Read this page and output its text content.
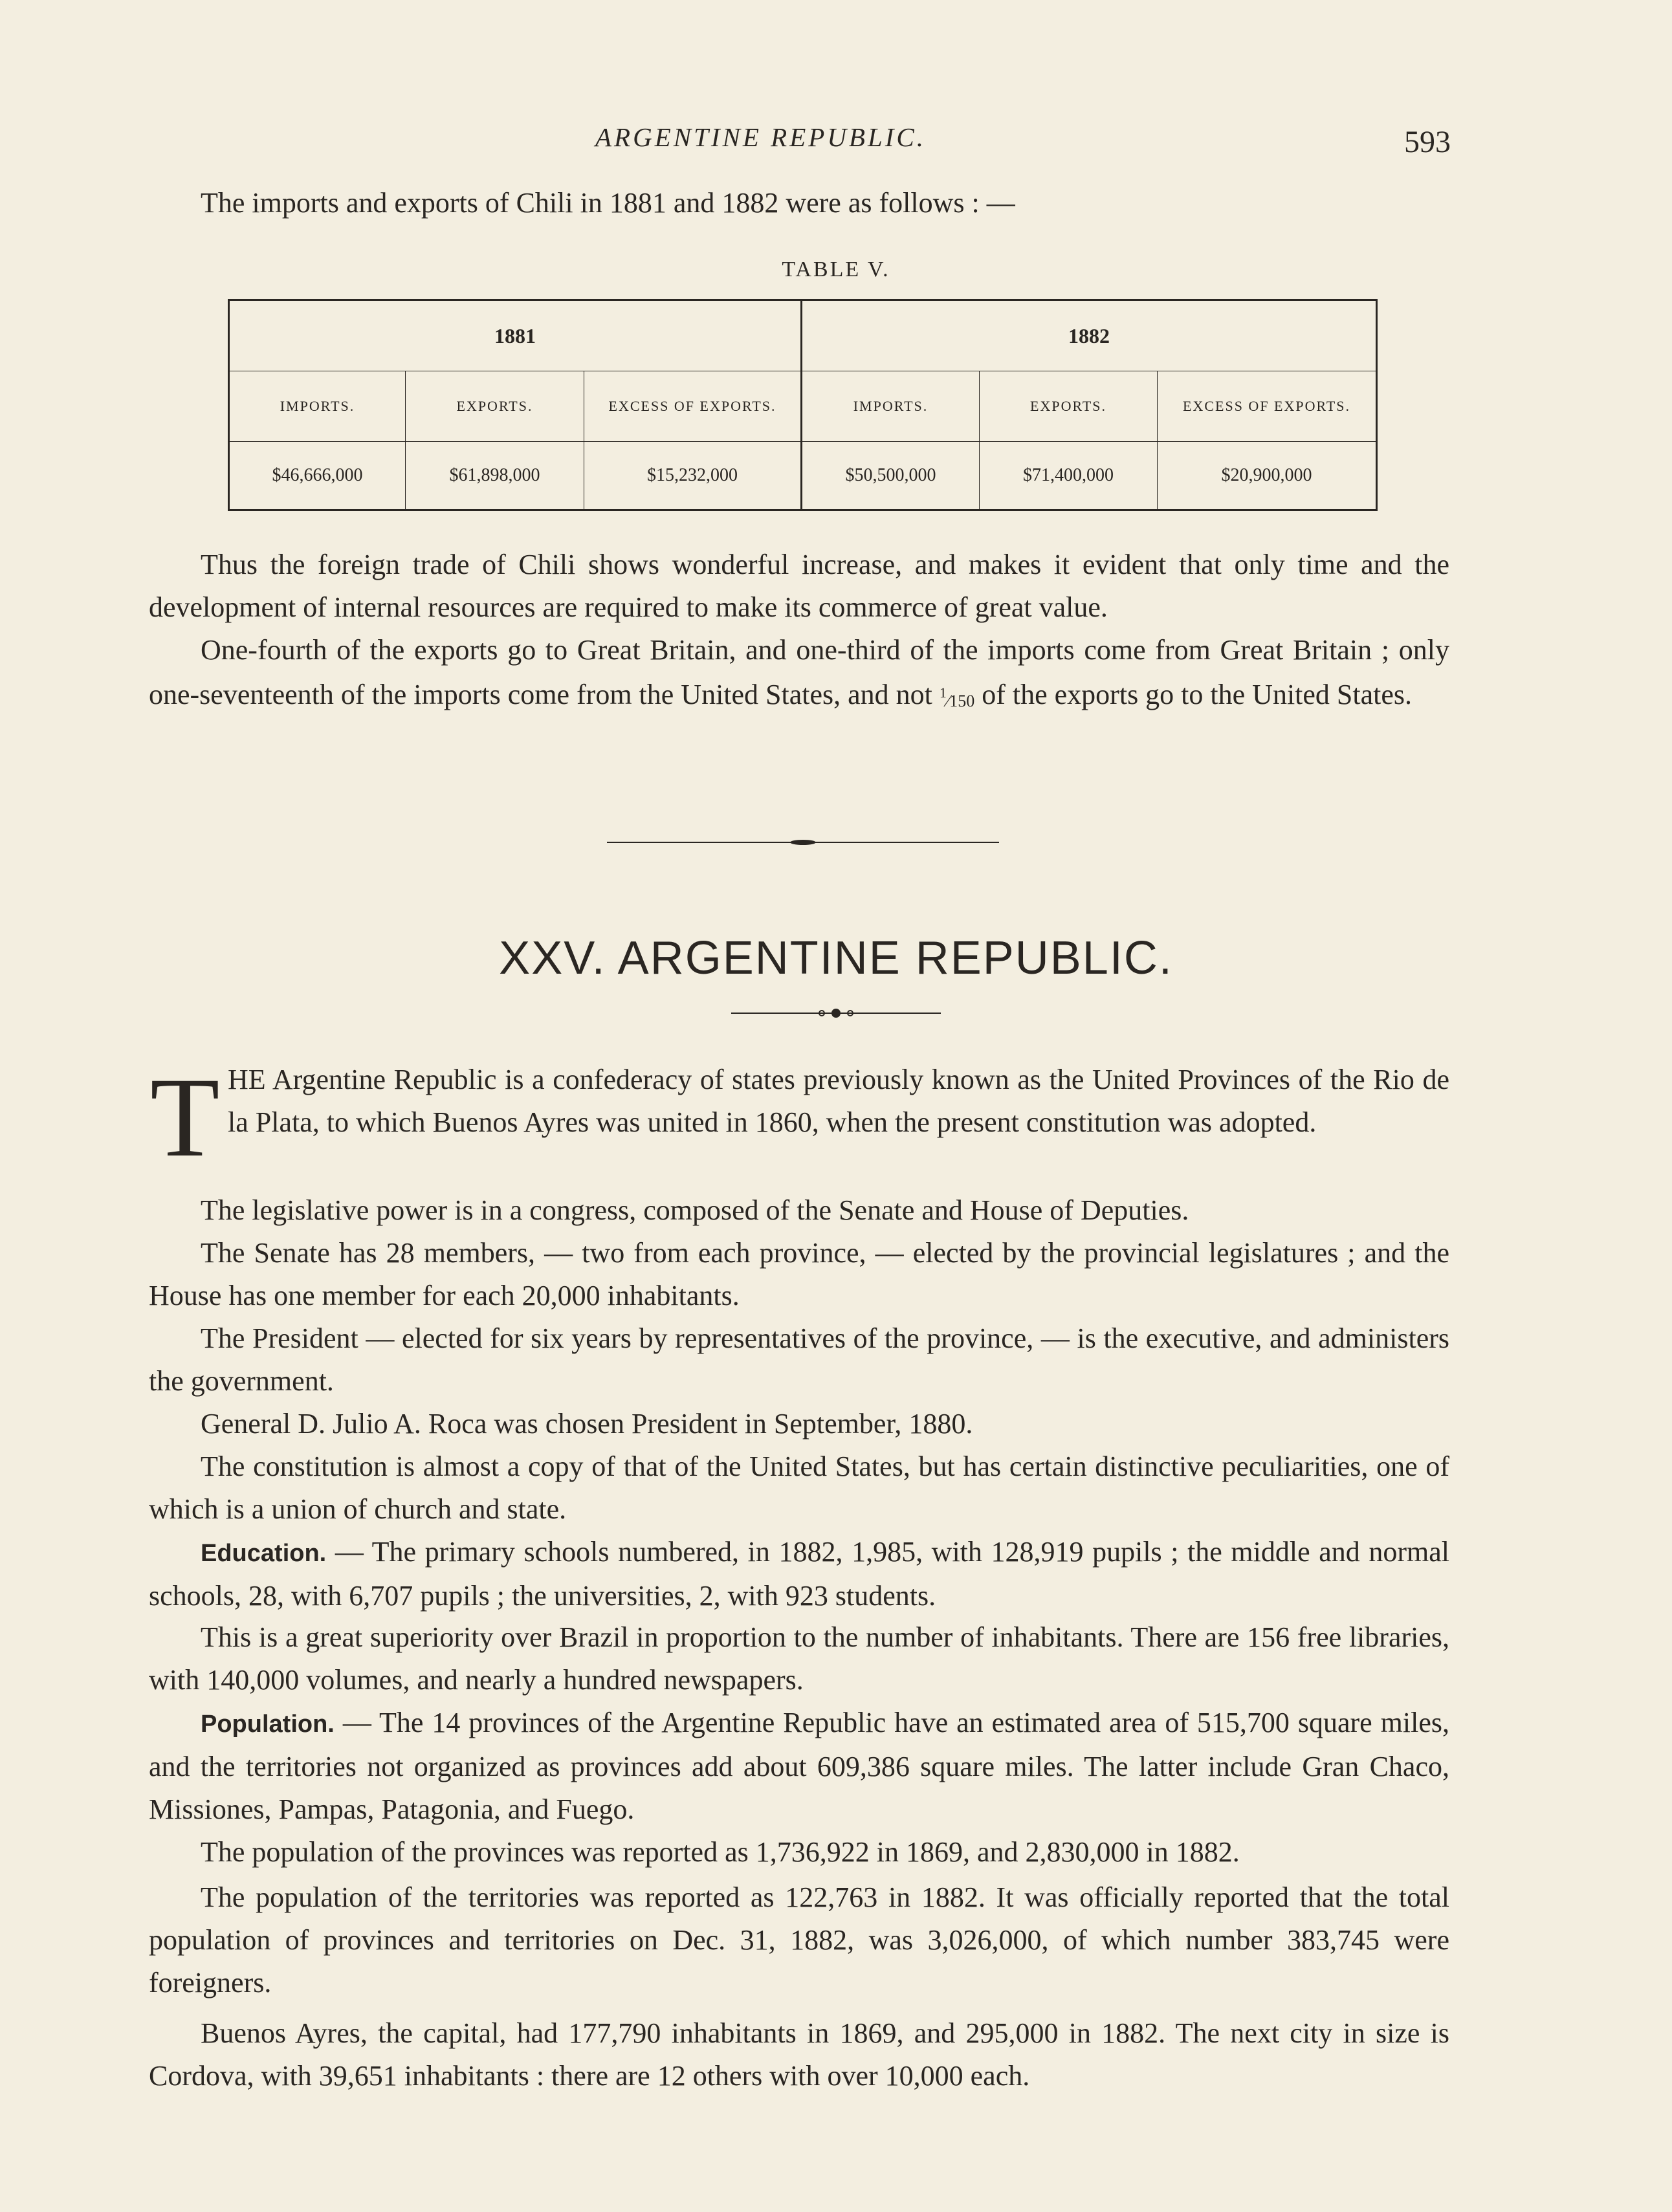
ARGENTINE REPUBLIC.	593
The imports and exports of Chili in 1881 and 1882 were as follows : —
TABLE V.
1881			1882		
IMPORTS.	EXPORTS.	EXCESS OF EXPORTS.	IMPORTS.	EXPORTS.	EXCESS OF EXPORTS.
$46,666,000	$61,898,000	$15,232,000	$50,500,000	$71,400,000	$20,900,000

Thus the foreign trade of Chili shows wonderful increase, and makes it evident that only time and the development of internal resources are required to make its commerce of great value.

One-fourth of the exports go to Great Britain, and one-third of the imports come from Great Britain ; only one-seventeenth of the imports come from the United States, and not $^1$⁄150 of the exports go to the United States.

XXV. ARGENTINE REPUBLIC.
T HE Argentine Republic is a confederacy of states previously known as the United Provinces of the Rio de la Plata, to which Buenos Ayres was united in 1860, when the present constitution was adopted.

The legislative power is in a congress, composed of the Senate and House of Deputies.

The Senate has 28 members, — two from each province, — elected by the provincial legislatures ; and the House has one member for each 20,000 inhabitants.

The President — elected for six years by representatives of the province, — is the executive, and administers the government.

General D. Julio A. Roca was chosen President in September, 1880.

The constitution is almost a copy of that of the United States, but has certain distinctive peculiarities, one of which is a union of church and state.

Education. — The primary schools numbered, in 1882, 1,985, with 128,919 pupils ; the middle and normal schools, 28, with 6,707 pupils ; the universities, 2, with 923 students.

This is a great superiority over Brazil in proportion to the number of inhabitants. There are 156 free libraries, with 140,000 volumes, and nearly a hundred newspapers.

Population. — The 14 provinces of the Argentine Republic have an estimated area of 515,700 square miles, and the territories not organized as provinces add about 609,386 square miles. The latter include Gran Chaco, Missiones, Pampas, Patagonia, and Fuego.

The population of the provinces was reported as 1,736,922 in 1869, and 2,830,000 in 1882.

The population of the territories was reported as 122,763 in 1882. It was officially reported that the total population of provinces and territories on Dec. 31, 1882, was 3,026,000, of which number 383,745 were foreigners.

Buenos Ayres, the capital, had 177,790 inhabitants in 1869, and 295,000 in 1882. The next city in size is Cordova, with 39,651 inhabitants : there are 12 others with over 10,000 each.
